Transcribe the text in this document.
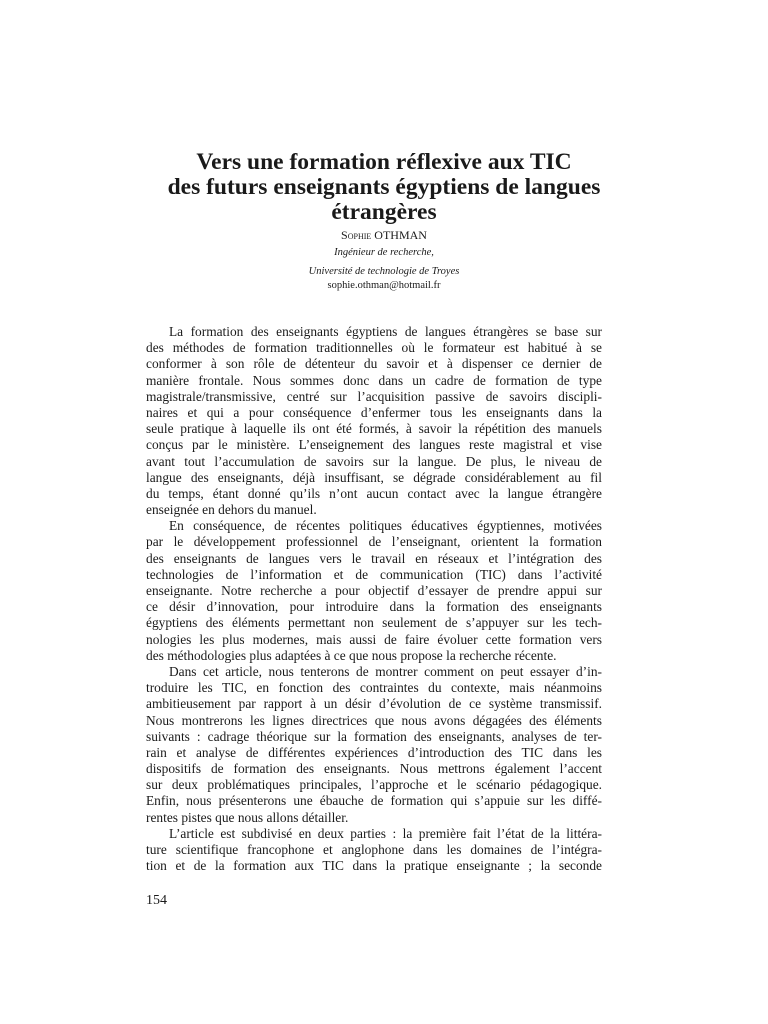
Vers une formation réflexive aux TIC
des futurs enseignants égyptiens de langues
étrangères
Sophie OTHMAN
Ingénieur de recherche,
Université de technologie de Troyes
sophie.othman@hotmail.fr
La formation des enseignants égyptiens de langues étrangères se base sur
des méthodes de formation traditionnelles où le formateur est habitué à se
conformer à son rôle de détenteur du savoir et à dispenser ce dernier de
manière frontale. Nous sommes donc dans un cadre de formation de type
magistrale/transmissive, centré sur l’acquisition passive de savoirs discipli-
naires et qui a pour conséquence d’enfermer tous les enseignants dans la
seule pratique à laquelle ils ont été formés, à savoir la répétition des manuels
conçus par le ministère. L’enseignement des langues reste magistral et vise
avant tout l’accumulation de savoirs sur la langue. De plus, le niveau de
langue des enseignants, déjà insuffisant, se dégrade considérablement au fil
du temps, étant donné qu’ils n’ont aucun contact avec la langue étrangère
enseignée en dehors du manuel.
En conséquence, de récentes politiques éducatives égyptiennes, motivées
par le développement professionnel de l’enseignant, orientent la formation
des enseignants de langues vers le travail en réseaux et l’intégration des
technologies de l’information et de communication (TIC) dans l’activité
enseignante. Notre recherche a pour objectif d’essayer de prendre appui sur
ce désir d’innovation, pour introduire dans la formation des enseignants
égyptiens des éléments permettant non seulement de s’appuyer sur les tech-
nologies les plus modernes, mais aussi de faire évoluer cette formation vers
des méthodologies plus adaptées à ce que nous propose la recherche récente.
Dans cet article, nous tenterons de montrer comment on peut essayer d’in-
troduire les TIC, en fonction des contraintes du contexte, mais néanmoins
ambitieusement par rapport à un désir d’évolution de ce système transmissif.
Nous montrerons les lignes directrices que nous avons dégagées des éléments
suivants : cadrage théorique sur la formation des enseignants, analyses de ter-
rain et analyse de différentes expériences d’introduction des TIC dans les
dispositifs de formation des enseignants. Nous mettrons également l’accent
sur deux problématiques principales, l’approche et le scénario pédagogique.
Enfin, nous présenterons une ébauche de formation qui s’appuie sur les diffé-
rentes pistes que nous allons détailler.
L’article est subdivisé en deux parties : la première fait l’état de la littéra-
ture scientifique francophone et anglophone dans les domaines de l’intégra-
tion et de la formation aux TIC dans la pratique enseignante ; la seconde
154
